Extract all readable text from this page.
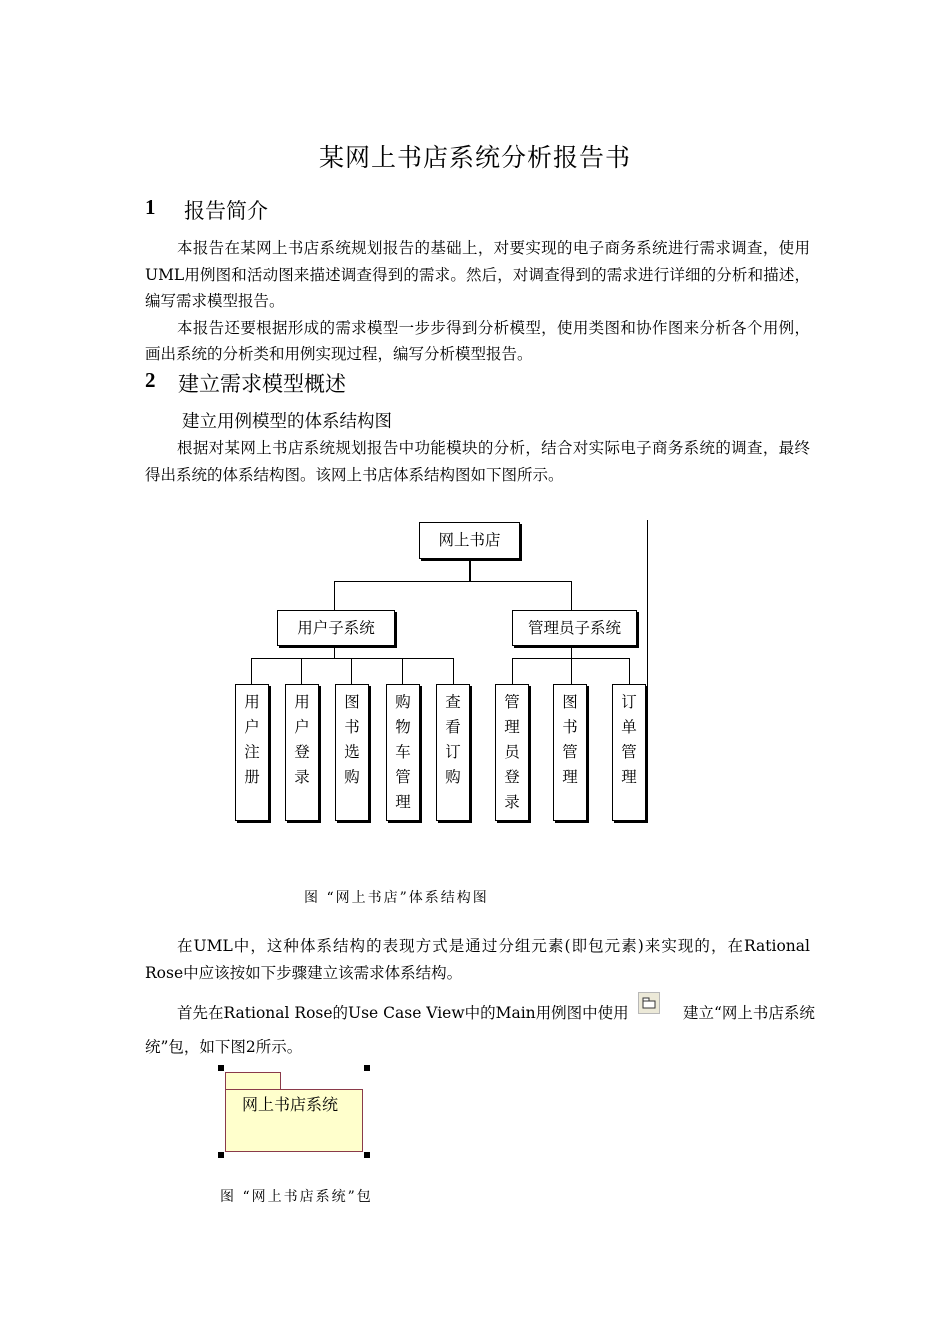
某网上书店系统分析报告书
1 报告简介

本报告在某网上书店系统规划报告的基础上，对要实现的电子商务系统进行需求调查，使用UML用例图和活动图来描述调查得到的需求。然后，对调查得到的需求进行详细的分析和描述，编写需求模型报告。

本报告还要根据形成的需求模型一步步得到分析模型，使用类图和协作图来分析各个用例，画出系统的分析类和用例实现过程，编写分析模型报告。

2 建立需求模型概述
建立用例模型的体系结构图

根据对某网上书店系统规划报告中功能模块的分析，结合对实际电子商务系统的调查，最终得出系统的体系结构图。该网上书店体系结构图如下图所示。

网上书店
用户子系统	管理员子系统
用
户
注
册
用
户
登
录
图
书
选
购
购
物
车
管
理
查
看
订
购
管
理
员
登
录
图
书
管
理
订
单
管
理
图 “网上书店”体系结构图

在UML中，这种体系结构的表现方式是通过分组元素(即包元素)来实现的，在Rational Rose中应该按如下步骤建立该需求体系结构。

首先在Rational Rose的Use Case View中的Main用例图中使用	建立“网上书店系统
统”包，如下图2所示。
网上书店系统
图 “网上书店系统”包
